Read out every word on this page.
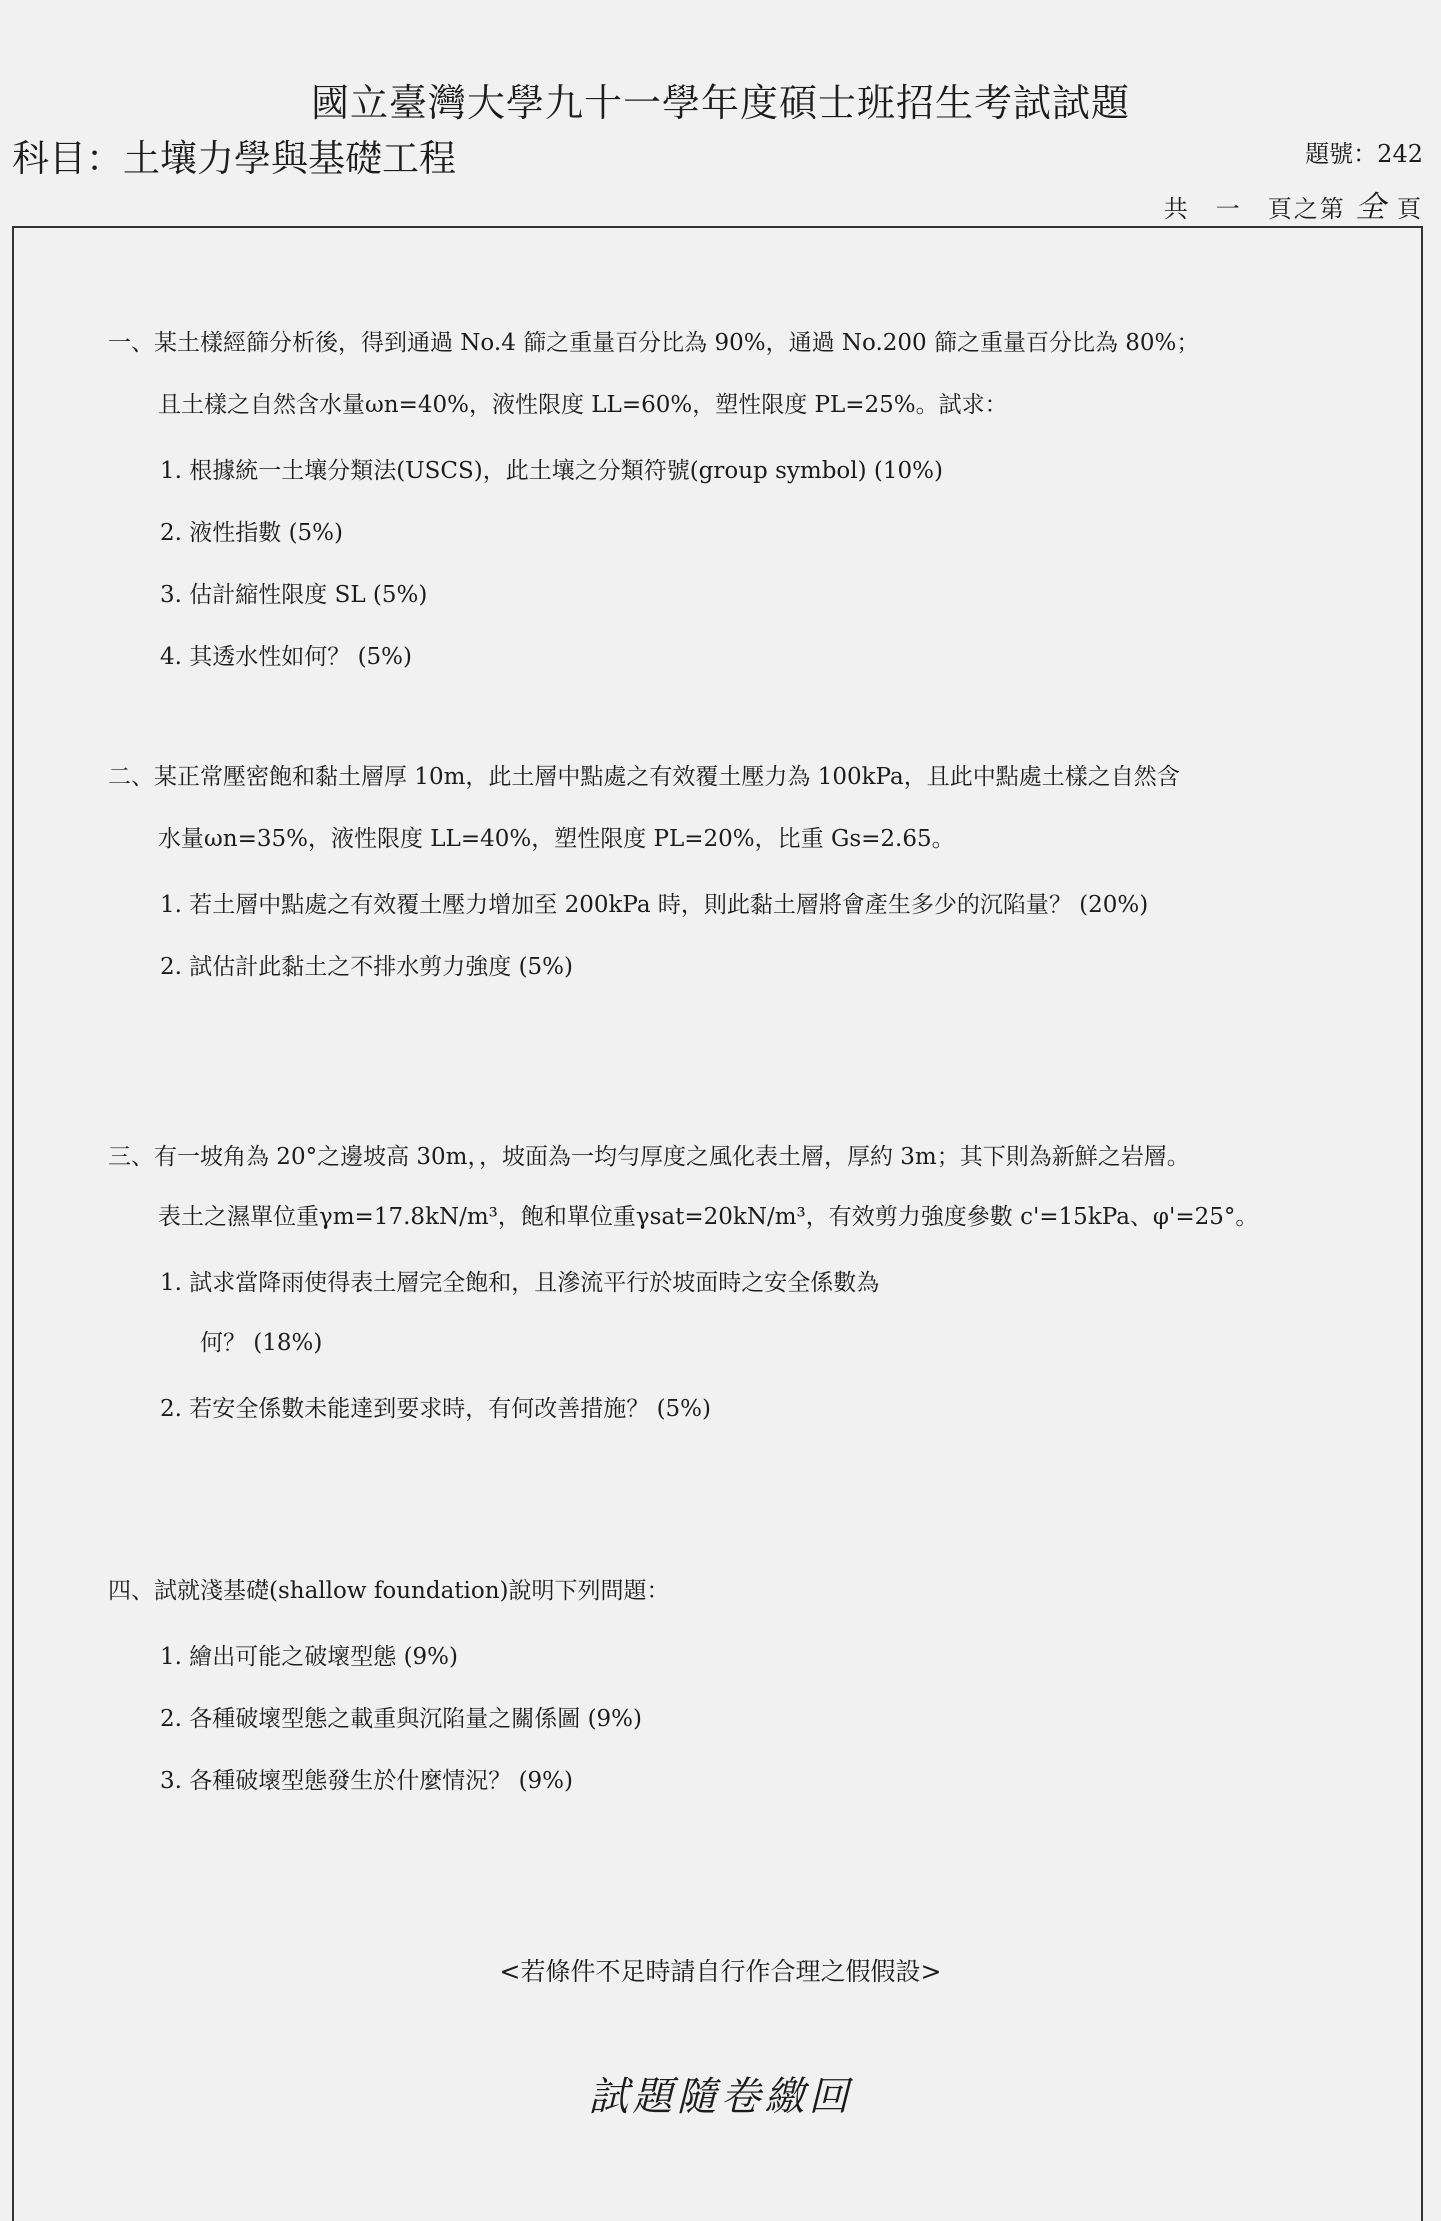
國立臺灣大學九十一學年度碩士班招生考試試題
科目：土壤力學與基礎工程	題號：242
共　一　頁之第 全 頁
一、某土樣經篩分析後，得到通過 No.4 篩之重量百分比為 90%，通過 No.200 篩之重量百分比為 80%；
且土樣之自然含水量ωn=40%，液性限度 LL=60%，塑性限度 PL=25%。試求：
1. 根據統一土壤分類法(USCS)，此土壤之分類符號(group symbol) (10%)
2. 液性指數 (5%)
3. 估計縮性限度 SL (5%)
4. 其透水性如何？ (5%)
二、某正常壓密飽和黏土層厚 10m，此土層中點處之有效覆土壓力為 100kPa，且此中點處土樣之自然含
水量ωn=35%，液性限度 LL=40%，塑性限度 PL=20%，比重 Gs=2.65。
1. 若土層中點處之有效覆土壓力增加至 200kPa 時，則此黏土層將會產生多少的沉陷量？ (20%)
2. 試估計此黏土之不排水剪力強度 (5%)
三、有一坡角為 20°之邊坡高 30m，，坡面為一均勻厚度之風化表土層，厚約 3m；其下則為新鮮之岩層。
表土之濕單位重γm=17.8kN/m³，飽和單位重γsat=20kN/m³，有效剪力強度參數 c'=15kPa、φ'=25°。
1. 試求當降雨使得表土層完全飽和，且滲流平行於坡面時之安全係數為
何？ (18%)
2. 若安全係數未能達到要求時，有何改善措施？ (5%)
四、試就淺基礎(shallow foundation)說明下列問題：
1. 繪出可能之破壞型態 (9%)
2. 各種破壞型態之載重與沉陷量之關係圖 (9%)
3. 各種破壞型態發生於什麼情況？ (9%)
<若條件不足時請自行作合理之假假設>
試題隨卷繳回
